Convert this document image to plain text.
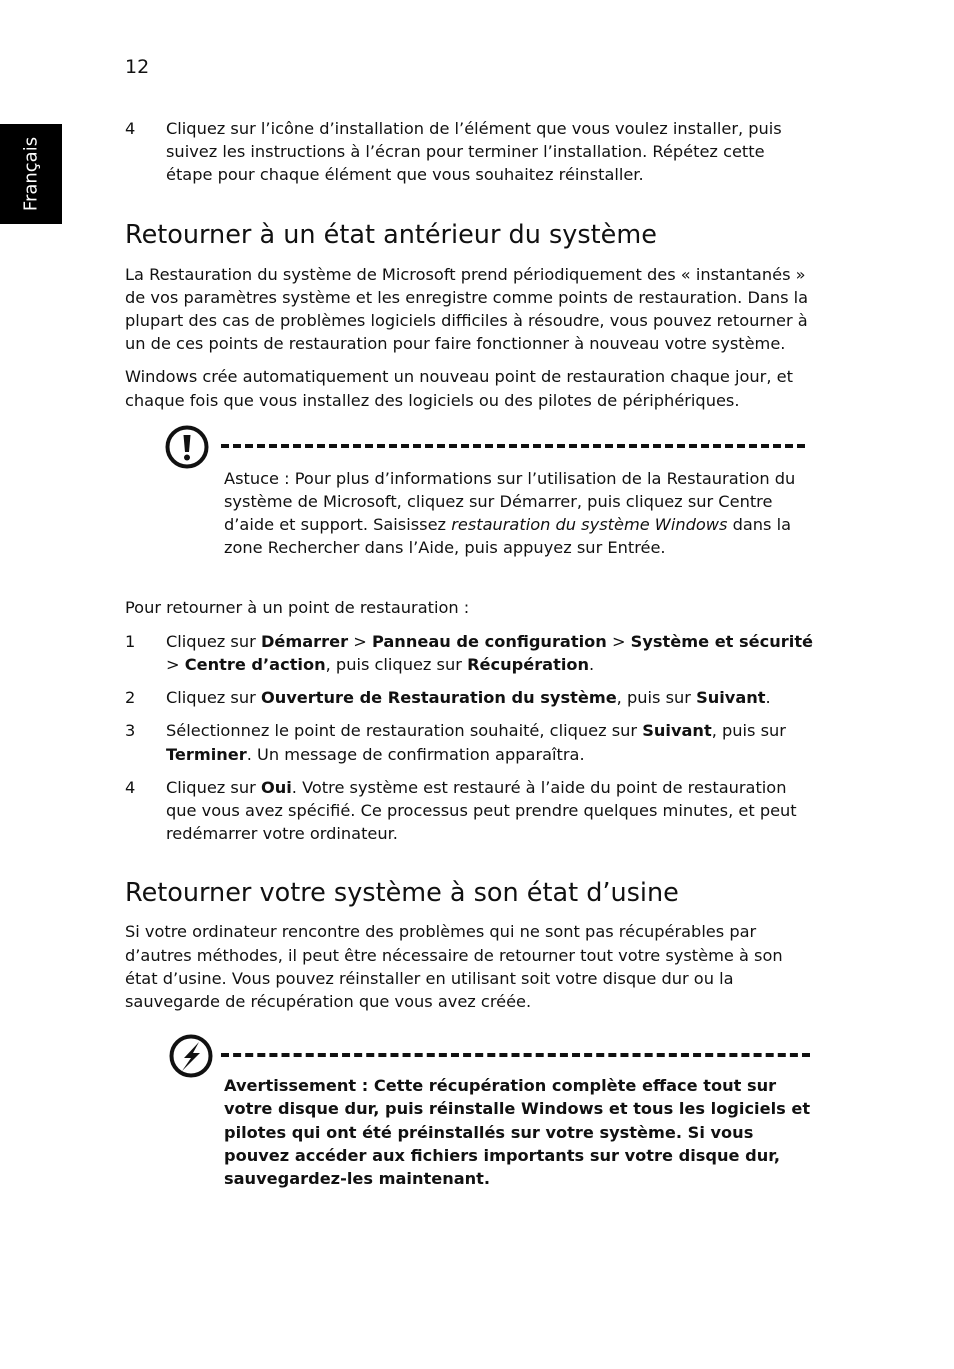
12
Français
4	Cliquez sur l’icône d’installation de l’élément que vous voulez installer, puis suivez les instructions à l’écran pour terminer l’installation. Répétez cette étape pour chaque élément que vous souhaitez réinstaller.
Retourner à un état antérieur du système

La Restauration du système de Microsoft prend périodiquement des « instantanés » de vos paramètres système et les enregistre comme points de restauration. Dans la plupart des cas de problèmes logiciels difficiles à résoudre, vous pouvez retourner à un de ces points de restauration pour faire fonctionner à nouveau votre système.

Windows crée automatiquement un nouveau point de restauration chaque jour, et chaque fois que vous installez des logiciels ou des pilotes de périphériques.

Astuce : Pour plus d’informations sur l’utilisation de la Restauration du système de Microsoft, cliquez sur Démarrer, puis cliquez sur Centre d’aide et support. Saisissez restauration du système Windows dans la zone Rechercher dans l’Aide, puis appuyez sur Entrée.

Pour retourner à un point de restauration :

1	Cliquez sur Démarrer > Panneau de configuration > Système et sécurité > Centre d’action, puis cliquez sur Récupération.
2	Cliquez sur Ouverture de Restauration du système, puis sur Suivant.
3	Sélectionnez le point de restauration souhaité, cliquez sur Suivant, puis sur Terminer. Un message de confirmation apparaîtra.
4	Cliquez sur Oui. Votre système est restauré à l’aide du point de restauration que vous avez spécifié. Ce processus peut prendre quelques minutes, et peut redémarrer votre ordinateur.
Retourner votre système à son état d’usine

Si votre ordinateur rencontre des problèmes qui ne sont pas récupérables par d’autres méthodes, il peut être nécessaire de retourner tout votre système à son état d’usine. Vous pouvez réinstaller en utilisant soit votre disque dur ou la sauvegarde de récupération que vous avez créée.

Avertissement : Cette récupération complète efface tout sur votre disque dur, puis réinstalle Windows et tous les logiciels et pilotes qui ont été préinstallés sur votre système. Si vous pouvez accéder aux fichiers importants sur votre disque dur, sauvegardez-les maintenant.
